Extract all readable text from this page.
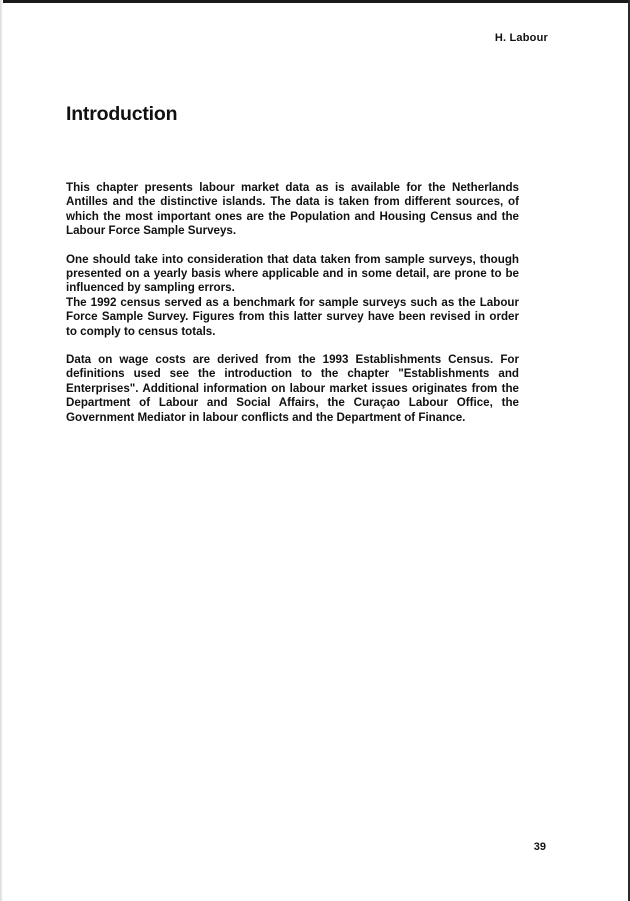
H. Labour
Introduction

This chapter presents labour market data as is available for the Netherlands Antilles and the distinctive islands. The data is taken from different sources, of which the most important ones are the Population and Housing Census and the Labour Force Sample Surveys.

One should take into consideration that data taken from sample surveys, though presented on a yearly basis where applicable and in some detail, are prone to be influenced by sampling errors.

The 1992 census served as a benchmark for sample surveys such as the Labour Force Sample Survey. Figures from this latter survey have been revised in order to comply to census totals.

Data on wage costs are derived from the 1993 Establishments Census. For definitions used see the introduction to the chapter "Establishments and Enterprises". Additional information on labour market issues originates from the Department of Labour and Social Affairs, the Curaçao Labour Office, the Government Mediator in labour conflicts and the Department of Finance.

39
